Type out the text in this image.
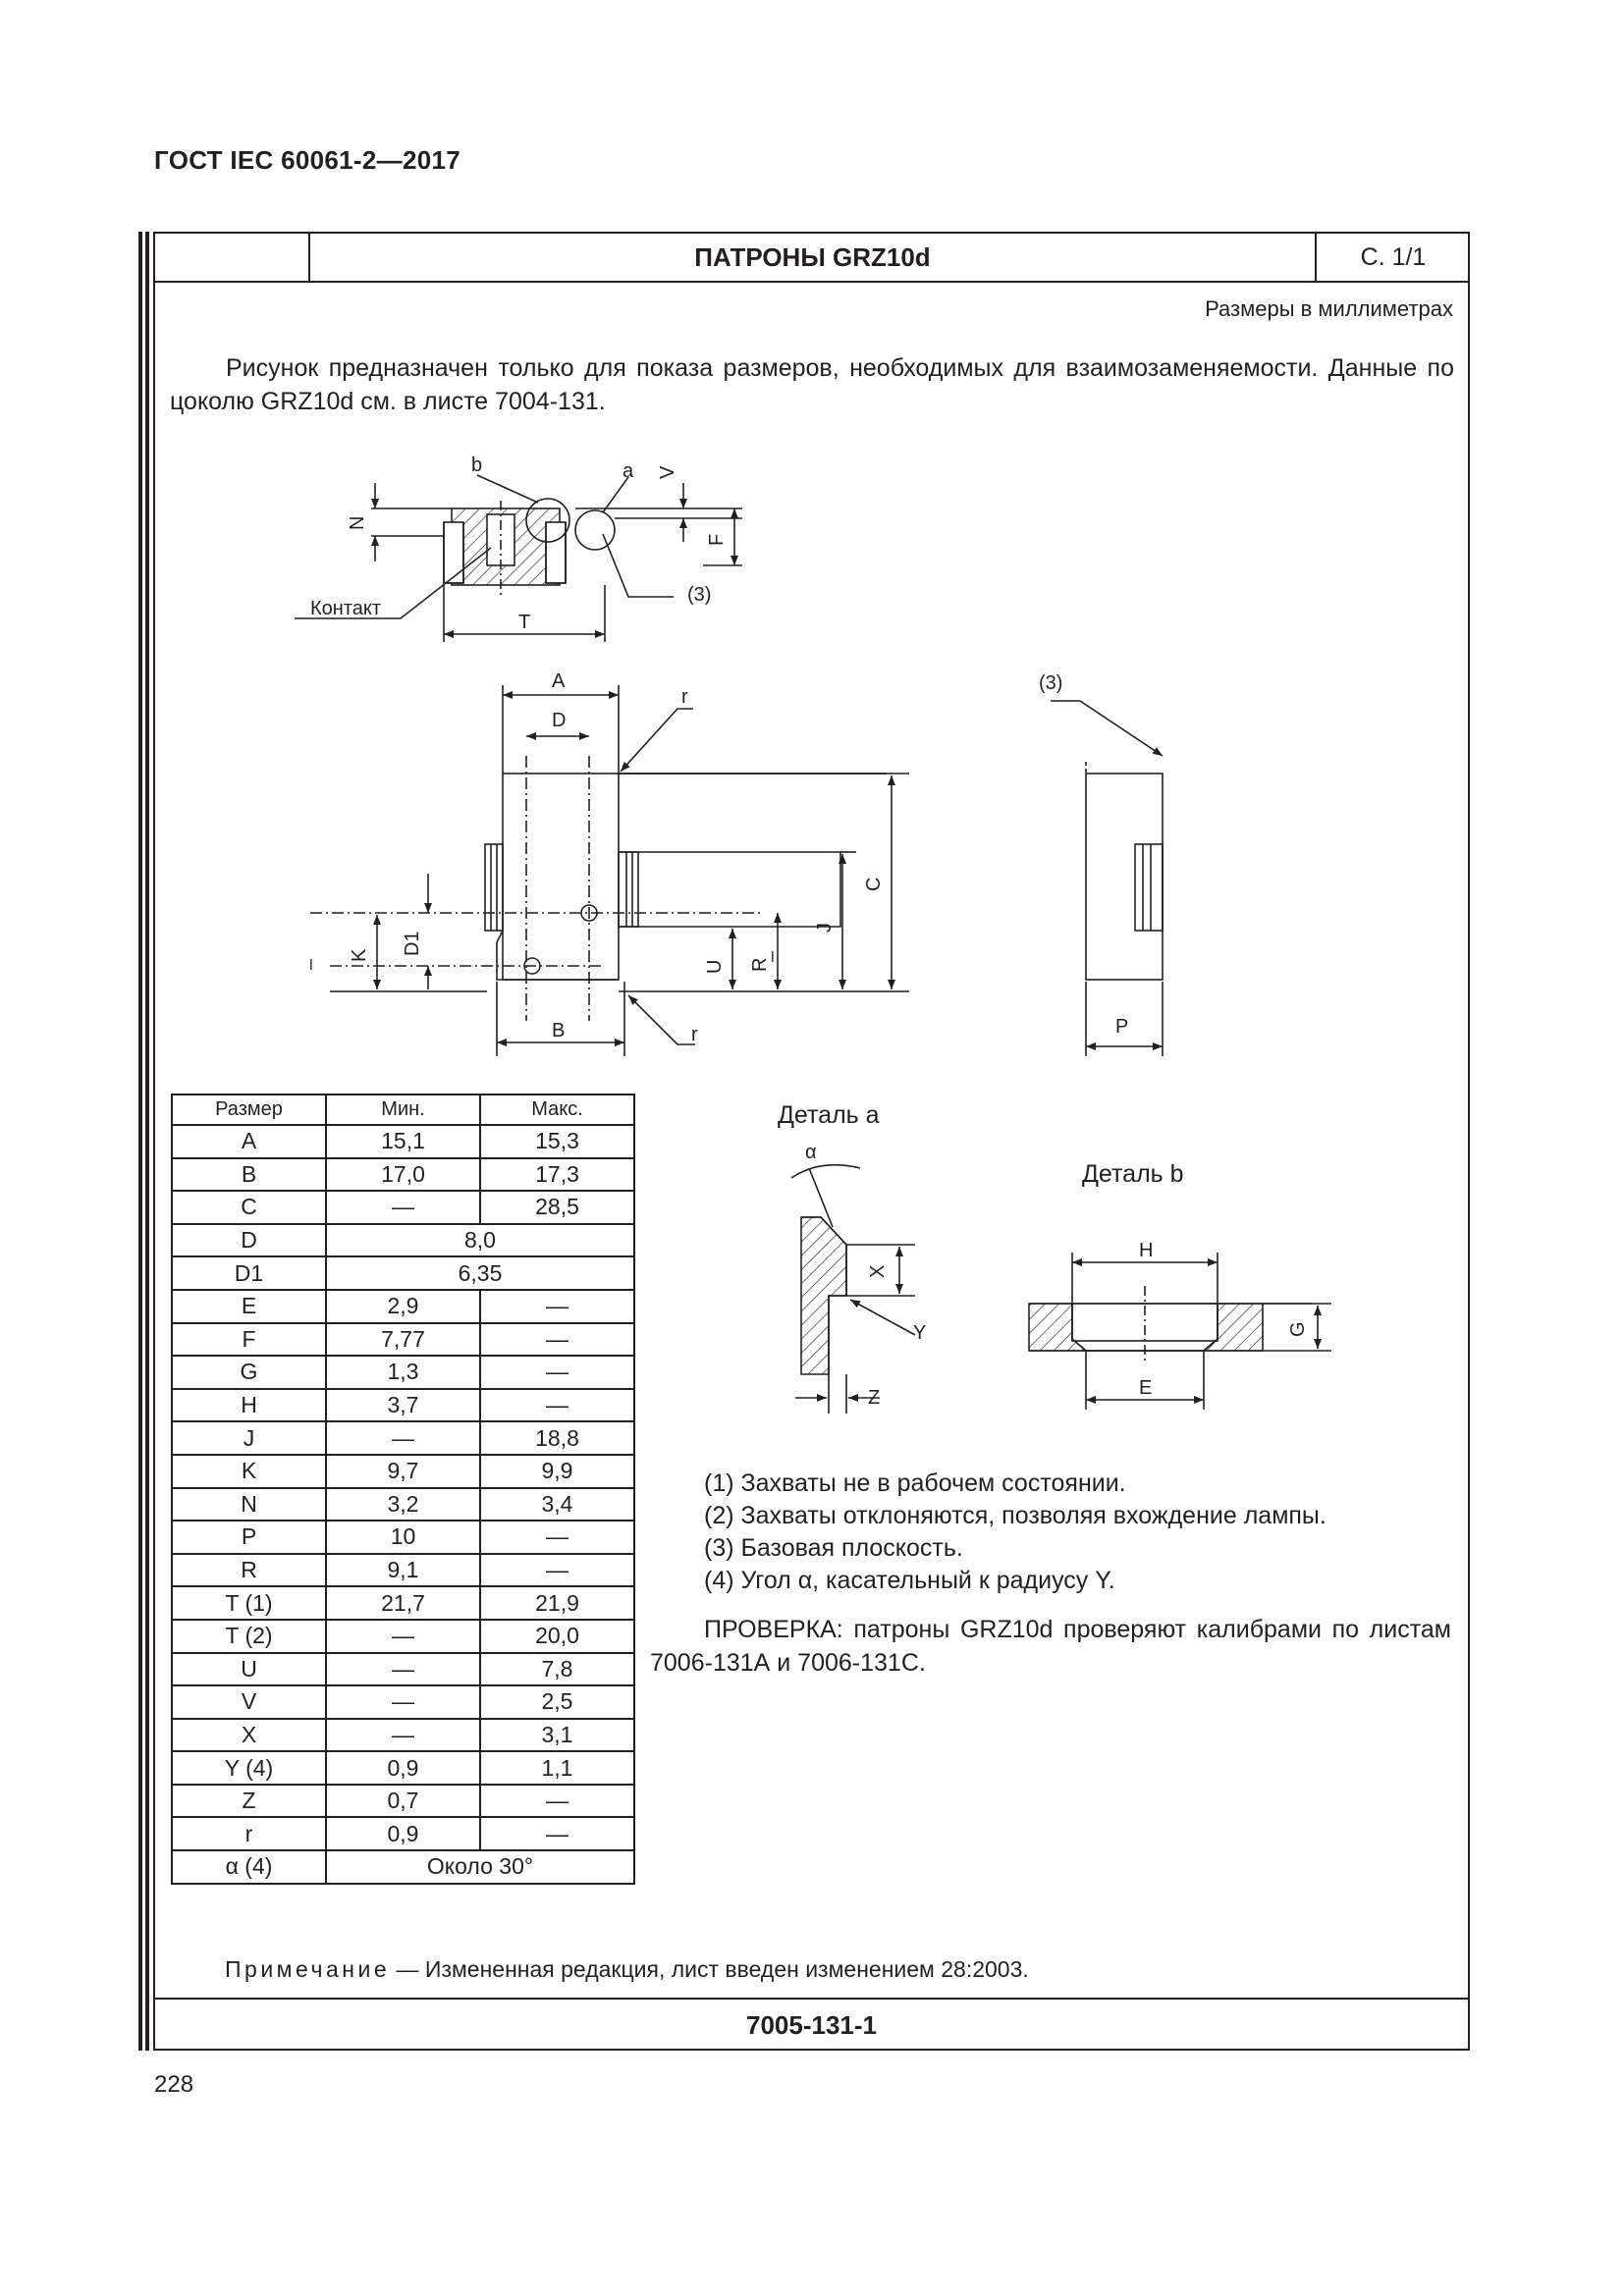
ГОСТ IEC 60061-2—2017
ПАТРОНЫ GRZ10d	С. 1/1
Размеры в миллиметрах

Рисунок предназначен только для показа размеров, необходимых для взаимозаменяемости. Данные по цоколю GRZ10d см. в листе 7004-131.

b	a V
N
F
(3)
Контакт
T
A
D
r
C
J
R
U
–
K D1
–
B	r
(3)
P
α
X
Y
Z
H
G
E
Деталь a
Деталь b
Размер	Мин.	Макс.
A	15,1	15,3
B	17,0	17,3
C	—	28,5
D	8,0	
D1	6,35	
E	2,9	—
F	7,77	—
G	1,3	—
H	3,7	—
J	—	18,8
K	9,7	9,9
N	3,2	3,4
P	10	—
R	9,1	—
T (1)	21,7	21,9
T (2)	—	20,0
U	—	7,8
V	—	2,5
X	—	3,1
Y (4)	0,9	1,1
Z	0,7	—
r	0,9	—
α (4)	Около 30°	

(1) Захваты не в рабочем состоянии.

(2) Захваты отклоняются, позволяя вхождение лампы.

(3) Базовая плоскость.

(4) Угол α, касательный к радиусу Y.

ПРОВЕРКА: патроны GRZ10d проверяют калибрами по листам 7006-131А и 7006-131С.

Примечание — Измененная редакция, лист введен изменением 28:2003.
7005-131-1
228
